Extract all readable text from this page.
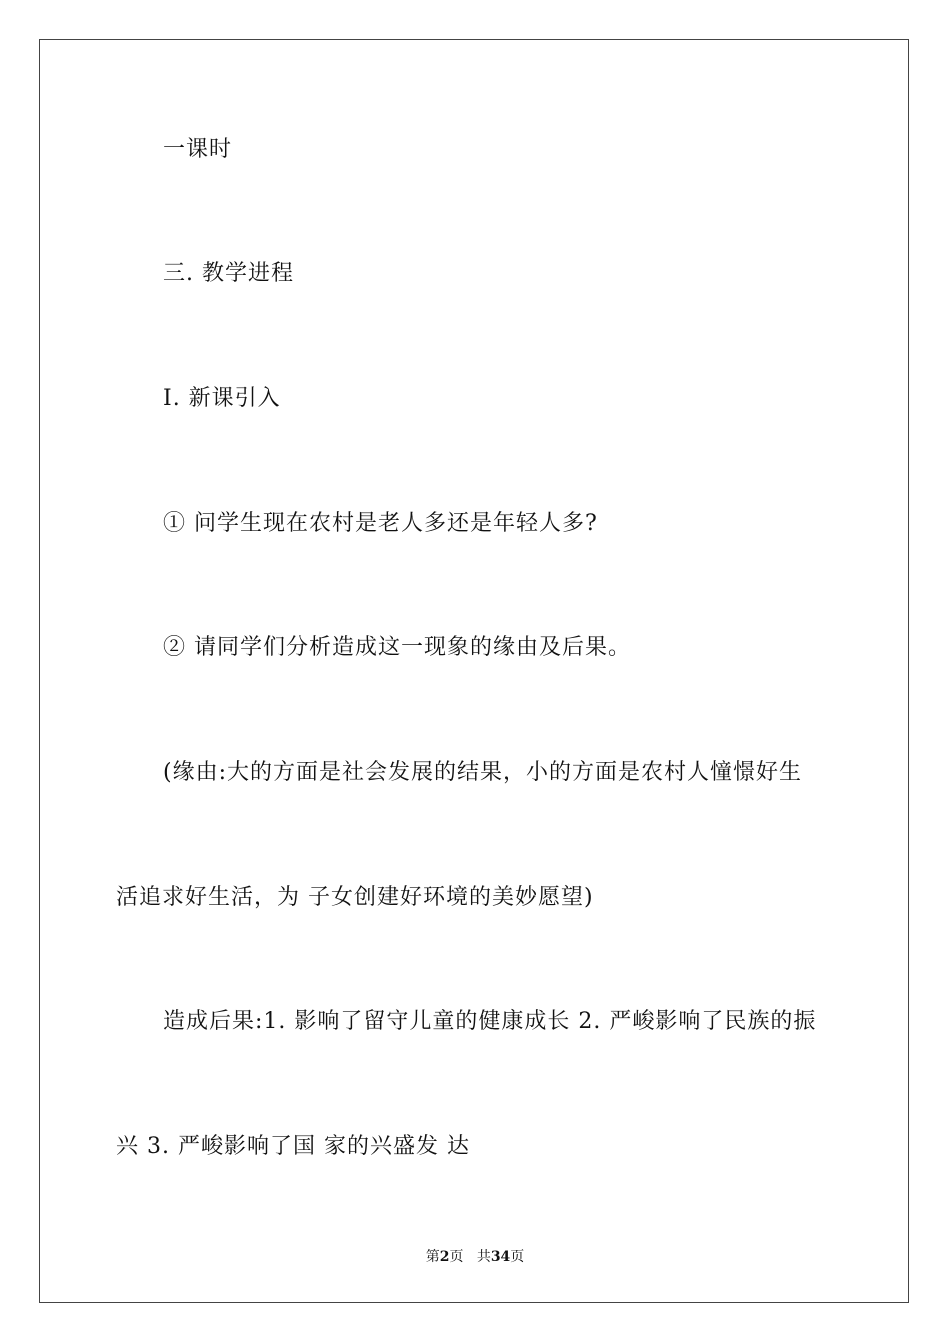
一课时
三. 教学进程
Ⅰ. 新课引入
① 问学生现在农村是老人多还是年轻人多?
② 请同学们分析造成这一现象的缘由及后果。
(缘由:大的方面是社会发展的结果，小的方面是农村人憧憬好生
活追求好生活，为 子女创建好环境的美妙愿望)
造成后果:1. 影响了留守儿童的健康成长 2. 严峻影响了民族的振
兴 3. 严峻影响了国 家的兴盛发 达
第2页 共34页
